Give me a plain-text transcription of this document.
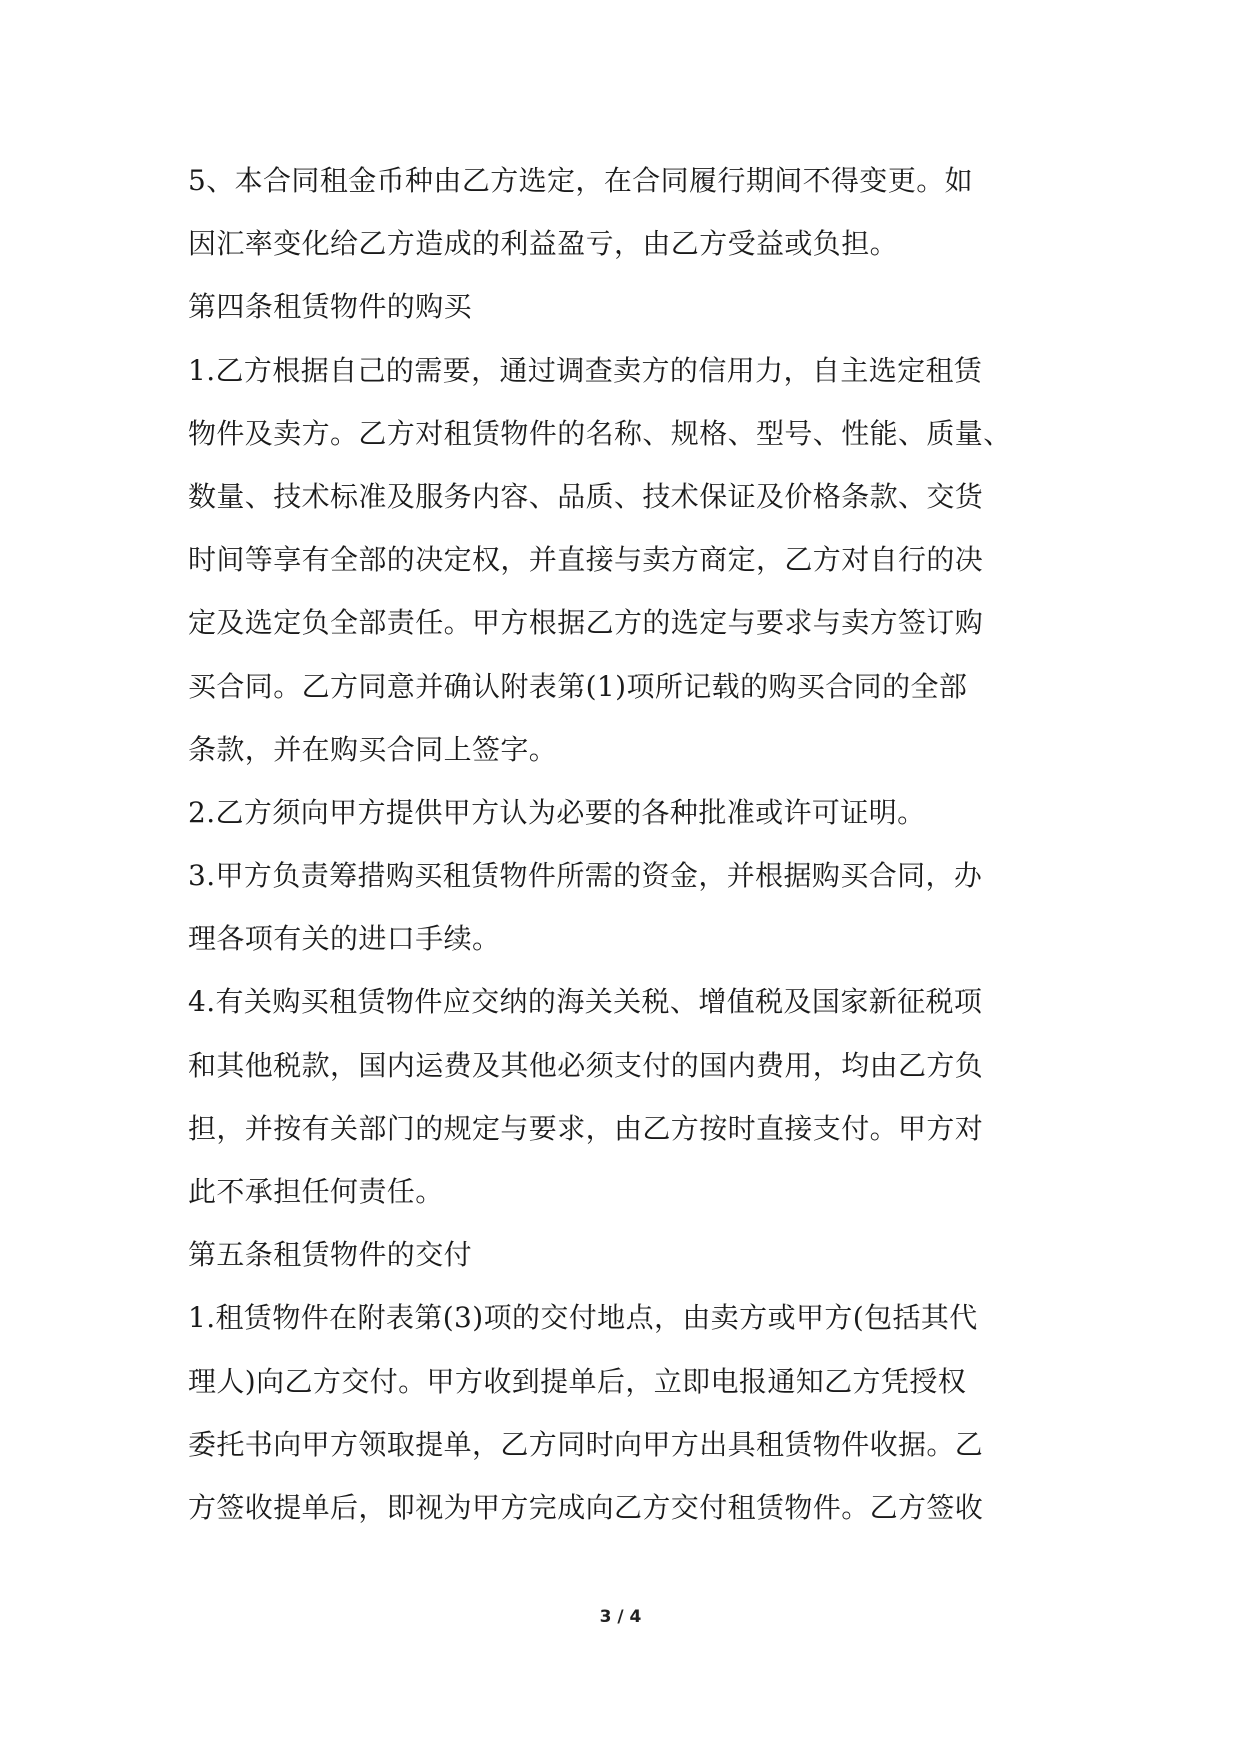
5、本合同租金币种由乙方选定，在合同履行期间不得变更。如
因汇率变化给乙方造成的利益盈亏，由乙方受益或负担。
第四条租赁物件的购买
1.乙方根据自己的需要，通过调查卖方的信用力，自主选定租赁
物件及卖方。乙方对租赁物件的名称、规格、型号、性能、质量、
数量、技术标准及服务内容、品质、技术保证及价格条款、交货
时间等享有全部的决定权，并直接与卖方商定，乙方对自行的决
定及选定负全部责任。甲方根据乙方的选定与要求与卖方签订购
买合同。乙方同意并确认附表第(1)项所记载的购买合同的全部
条款，并在购买合同上签字。
2.乙方须向甲方提供甲方认为必要的各种批准或许可证明。
3.甲方负责筹措购买租赁物件所需的资金，并根据购买合同，办
理各项有关的进口手续。
4.有关购买租赁物件应交纳的海关关税、增值税及国家新征税项
和其他税款，国内运费及其他必须支付的国内费用，均由乙方负
担，并按有关部门的规定与要求，由乙方按时直接支付。甲方对
此不承担任何责任。
第五条租赁物件的交付
1.租赁物件在附表第(3)项的交付地点，由卖方或甲方(包括其代
理人)向乙方交付。甲方收到提单后，立即电报通知乙方凭授权
委托书向甲方领取提单，乙方同时向甲方出具租赁物件收据。乙
方签收提单后，即视为甲方完成向乙方交付租赁物件。乙方签收
3 / 4
